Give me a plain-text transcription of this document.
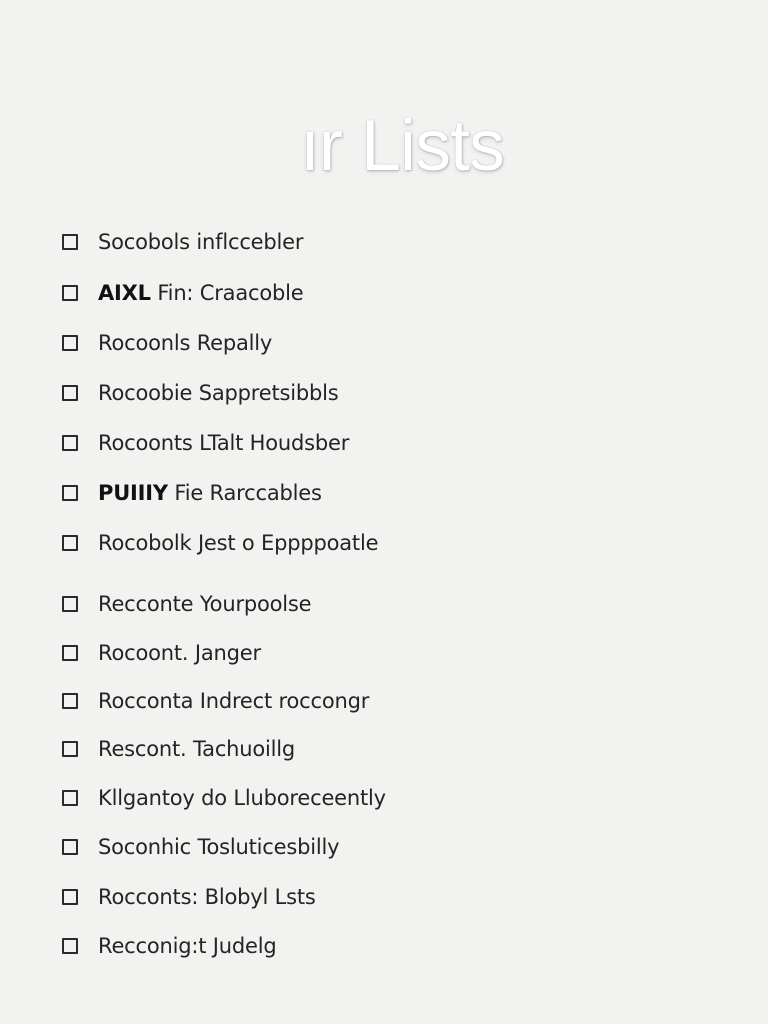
ır Lists
Socobols inflccebler
AIXL Fin: Craacoble
Rocoonls Repally
Rocoobie Sapprets​ibbls
Rocoonts LTalt Houdsber
PUIIIY Fie Rarccables
Rocobolk Jest ᴏ Eppppoatle
Recconte Yourpoolse
Rocoont. Janger
Rocconta Indrect roccongr
Rescont. Tachuoillg
Kllgantoy do Lluboreceently
Soconhic Tosluticesbilly
Rocconts: Blobyl Lsts
Recconig:t Judelg
